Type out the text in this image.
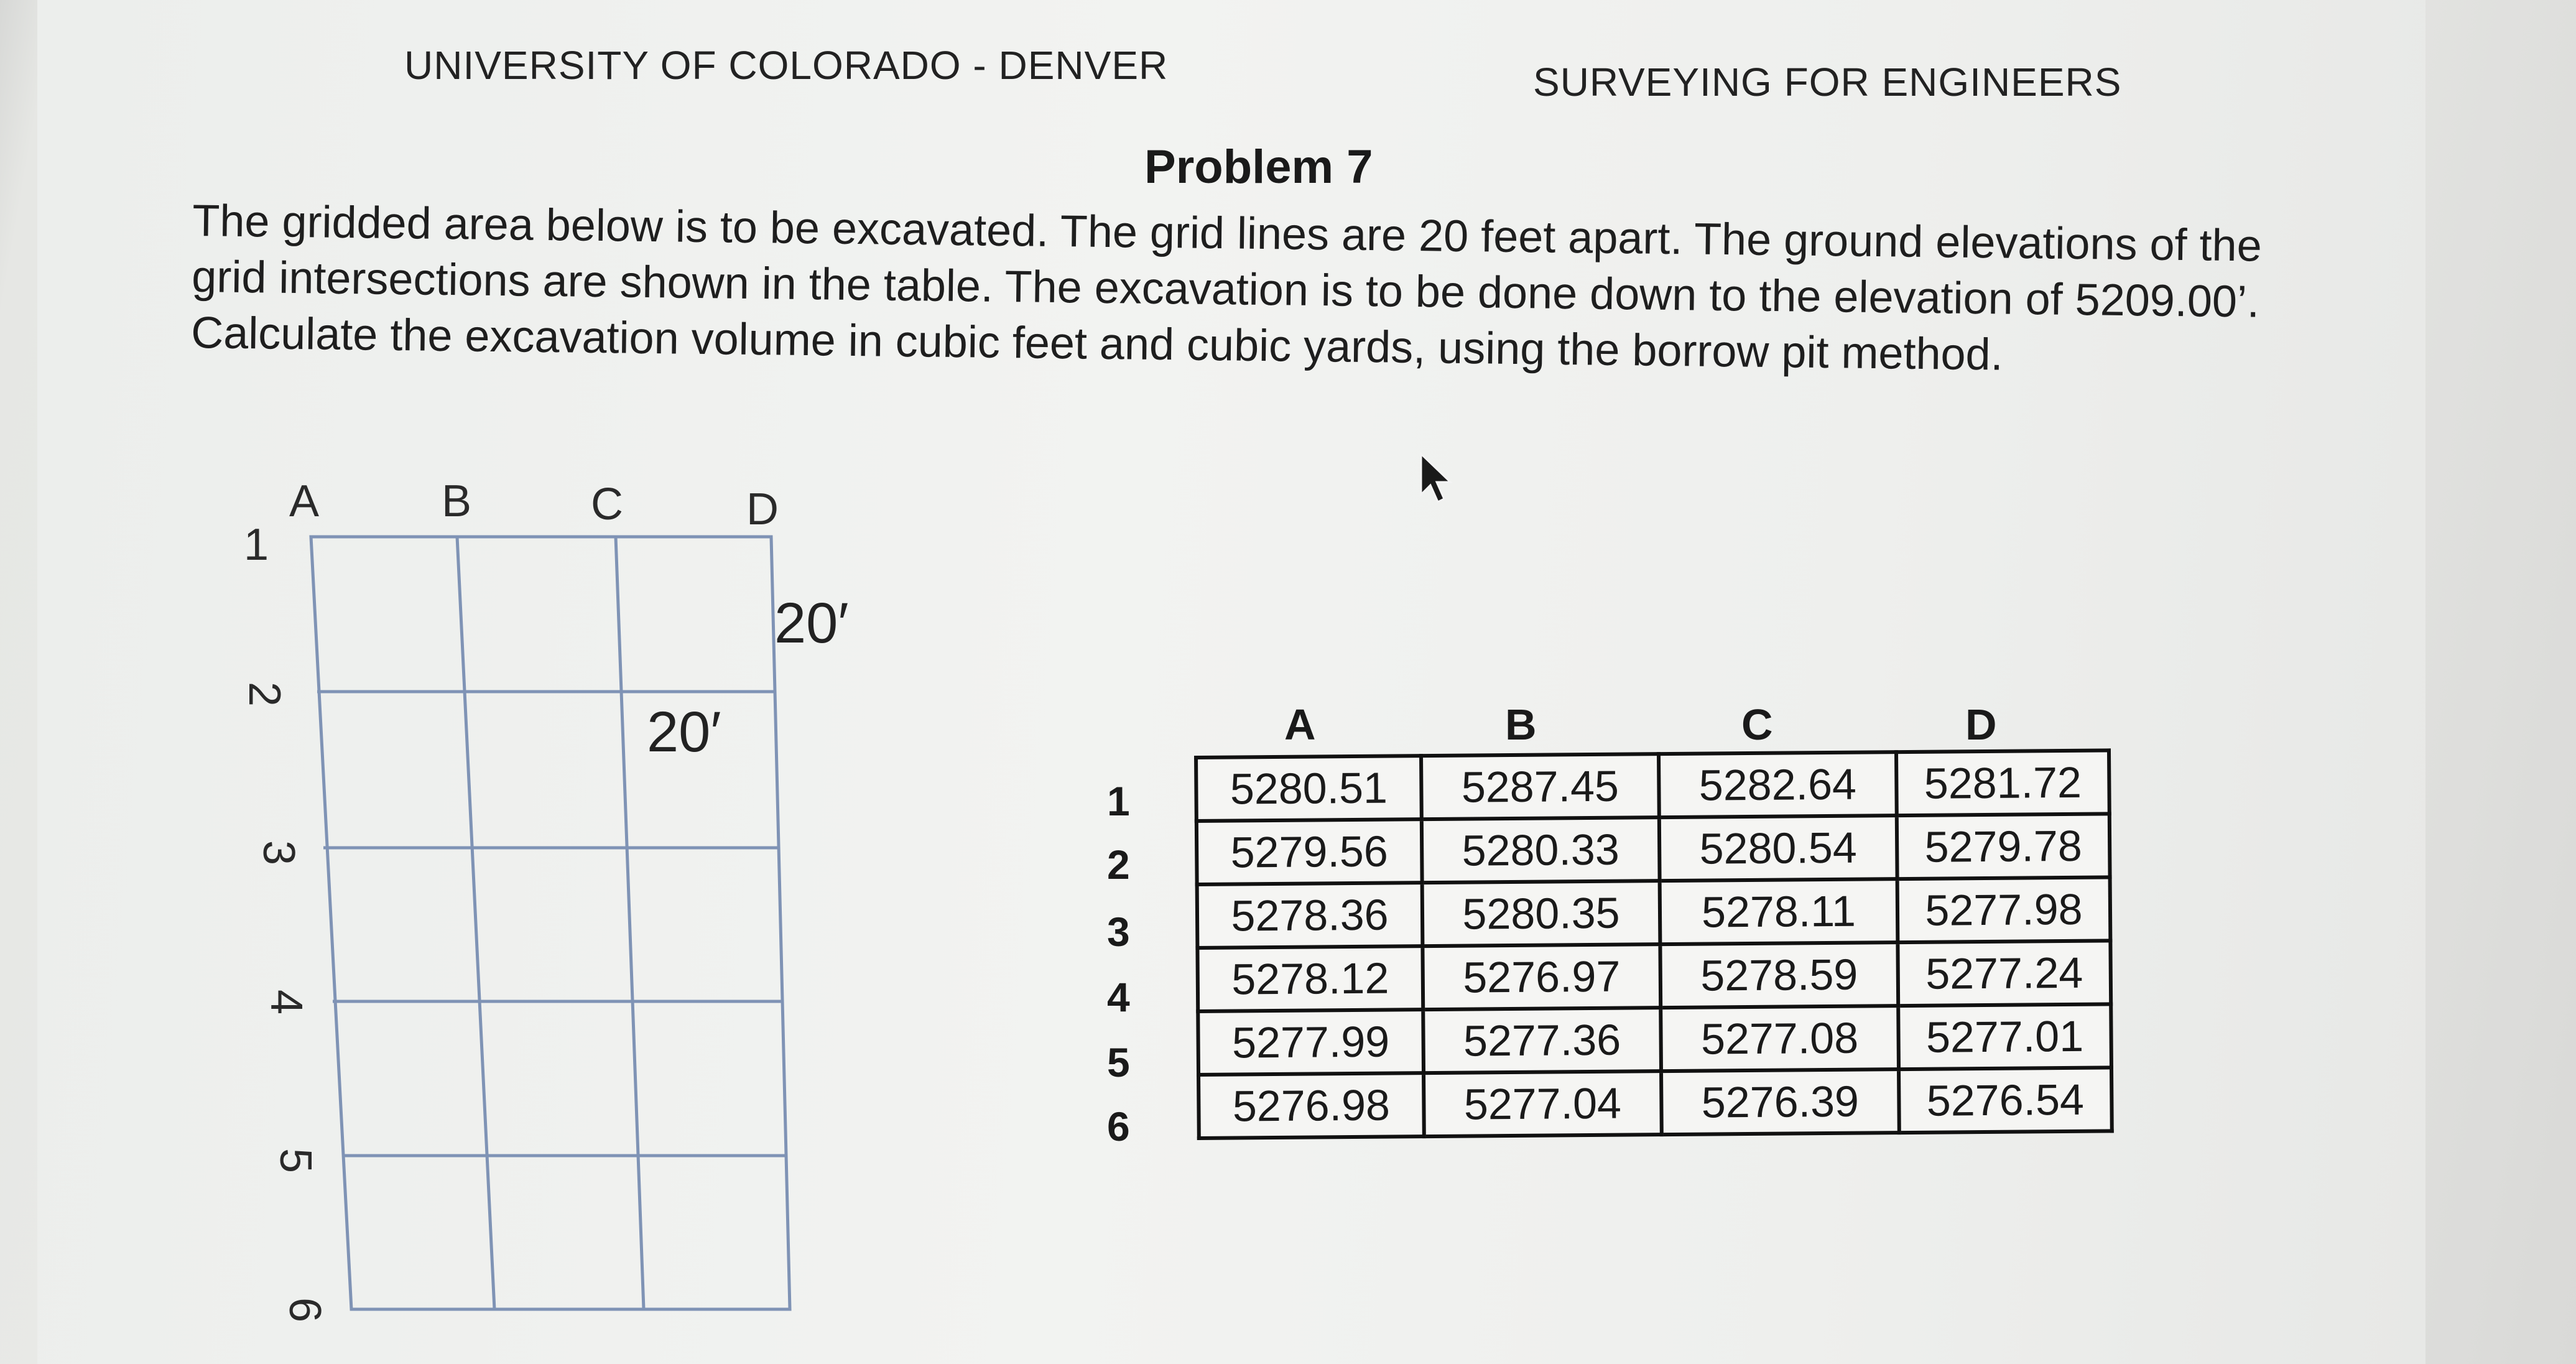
UNIVERSITY OF COLORADO - DENVER	SURVEYING FOR ENGINEERS
Problem 7
The gridded area below is to be excavated. The grid lines are 20 feet apart. The ground elevations of the grid intersections are shown in the table. The excavation is to be done down to the elevation of 5209.00’. Calculate the excavation volume in cubic feet and cubic yards, using the borrow pit method.
A	B	C	D
1
2
3
4
5
6
20′
20′	A	B	C	D
1
2
3
4
5
6
5280.51	5287.45	5282.64	5281.72
5279.56	5280.33	5280.54	5279.78
5278.36	5280.35	5278.11	5277.98
5278.12	5276.97	5278.59	5277.24
5277.99	5277.36	5277.08	5277.01
5276.98	5277.04	5276.39	5276.54
